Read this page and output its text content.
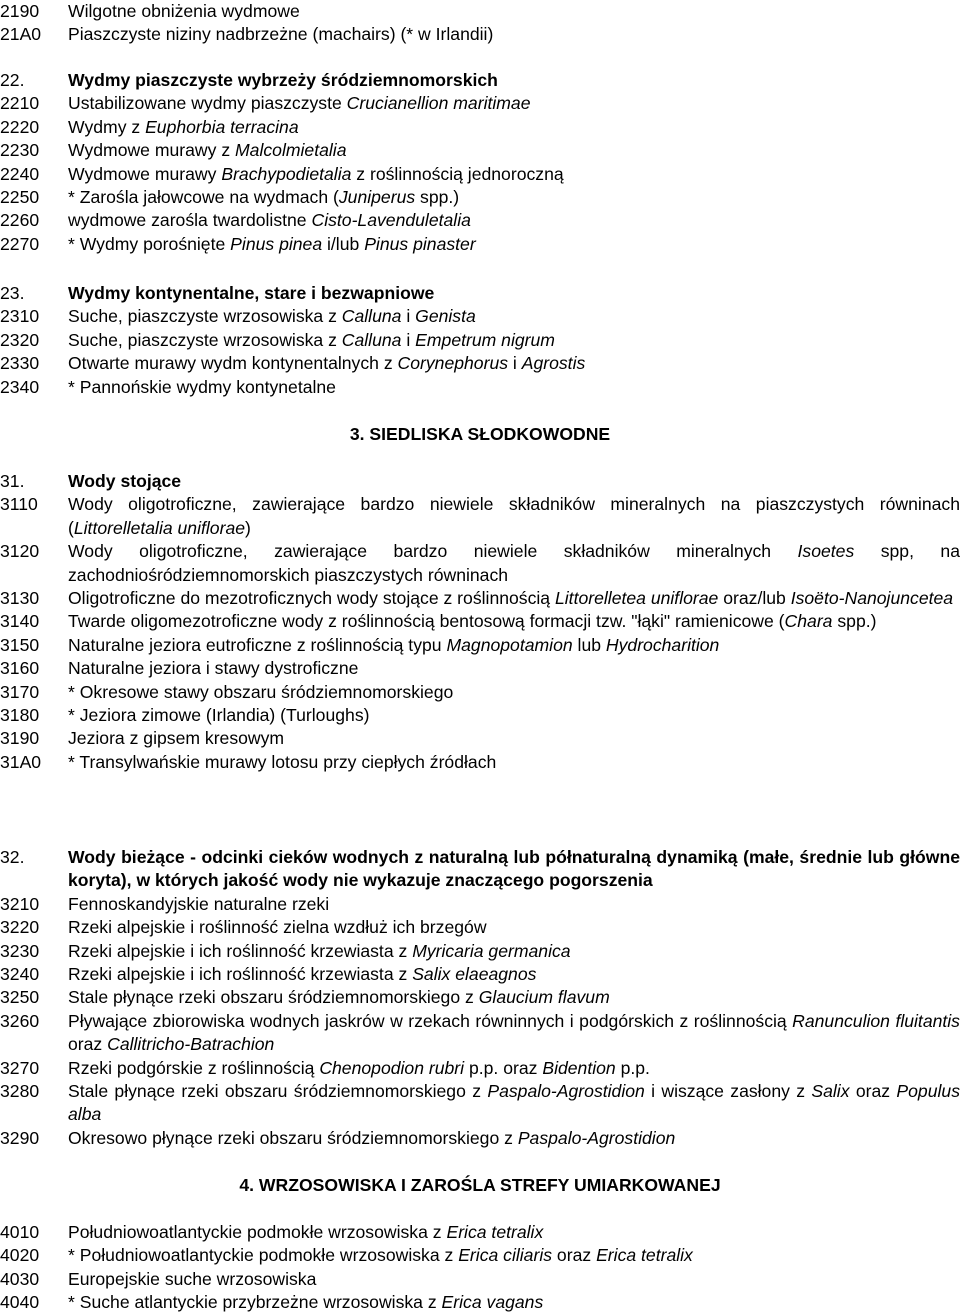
2190	Wilgotne obniżenia wydmowe
21A0	Piaszczyste niziny nadbrzeżne (machairs) (* w Irlandii)
22.	Wydmy piaszczyste wybrzeży śródziemnomorskich
2210	Ustabilizowane wydmy piaszczyste Crucianellion maritimae
2220	Wydmy z Euphorbia terracina
2230	Wydmowe murawy z Malcolmietalia
2240	Wydmowe murawy Brachypodietalia z roślinnością jednoroczną
2250	* Zarośla jałowcowe na wydmach (Juniperus spp.)
2260	wydmowe zarośla twardolistne Cisto-Lavenduletalia
2270	* Wydmy porośnięte Pinus pinea i/lub Pinus pinaster
23.	Wydmy kontynentalne, stare i bezwapniowe
2310	Suche, piaszczyste wrzosowiska z Calluna i Genista
2320	Suche, piaszczyste wrzosowiska z Calluna i Empetrum nigrum
2330	Otwarte murawy wydm kontynentalnych z Corynephorus i Agrostis
2340	* Pannońskie wydmy kontynetalne
3. SIEDLISKA SŁODKOWODNE
31.	Wody stojące
3110	Wody oligotroficzne, zawierające bardzo niewiele składników mineralnych na piaszczystych równinach (Littorelletalia uniflorae)
3120	Wody oligotroficzne, zawierające bardzo niewiele składników mineralnych Isoetes spp, na zachodniośródziemnomorskich piaszczystych równinach
3130	Oligotroficzne do mezotroficznych wody stojące z roślinnością Littorelletea uniflorae oraz/lub Isoëto-Nanojuncetea
3140	Twarde oligomezotroficzne wody z roślinnością bentosową formacji tzw. "łąki" ramienicowe (Chara spp.)
3150	Naturalne jeziora eutroficzne z roślinnością typu Magnopotamion lub Hydrocharition
3160	Naturalne jeziora i stawy dystroficzne
3170	* Okresowe stawy obszaru śródziemnomorskiego
3180	* Jeziora zimowe (Irlandia) (Turloughs)
3190	Jeziora z gipsem kresowym
31A0	* Transylwańskie murawy lotosu przy ciepłych źródłach
32.	Wody bieżące - odcinki cieków wodnych z naturalną lub półnaturalną dynamiką (małe, średnie lub główne koryta), w których jakość wody nie wykazuje znaczącego pogorszenia
3210	Fennoskandyjskie naturalne rzeki
3220	Rzeki alpejskie i roślinność zielna wzdłuż ich brzegów
3230	Rzeki alpejskie i ich roślinność krzewiasta z Myricaria germanica
3240	Rzeki alpejskie i ich roślinność krzewiasta z Salix elaeagnos
3250	Stale płynące rzeki obszaru śródziemnomorskiego z Glaucium flavum
3260	Pływające zbiorowiska wodnych jaskrów w rzekach równinnych i podgórskich z roślinnością Ranunculion fluitantis oraz Callitricho-Batrachion
3270	Rzeki podgórskie z roślinnością Chenopodion rubri p.p. oraz Bidention p.p.
3280	Stale płynące rzeki obszaru śródziemnomorskiego z Paspalo-Agrostidion i wiszące zasłony z Salix oraz Populus alba
3290	Okresowo płynące rzeki obszaru śródziemnomorskiego z Paspalo-Agrostidion
4. WRZOSOWISKA I ZAROŚLA STREFY UMIARKOWANEJ
4010	Południowoatlantyckie podmokłe wrzosowiska z Erica tetralix
4020	* Południowoatlantyckie podmokłe wrzosowiska z Erica ciliaris oraz Erica tetralix
4030	Europejskie suche wrzosowiska
4040	* Suche atlantyckie przybrzeżne wrzosowiska z Erica vagans
